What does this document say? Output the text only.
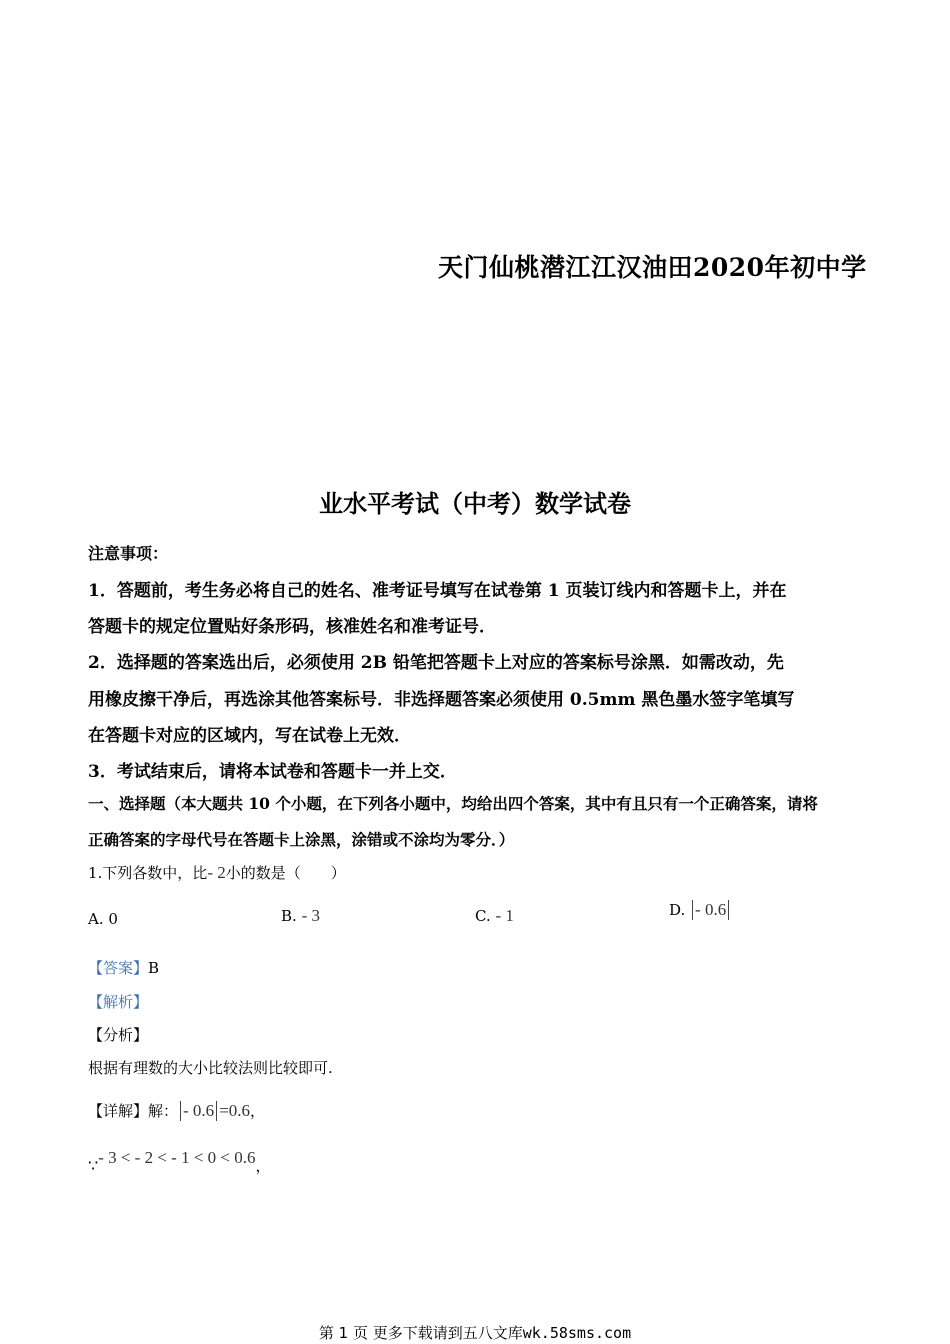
天门仙桃潜江江汉油田2020年初中学
业水平考试（中考）数学试卷
注意事项：
1．答题前，考生务必将自己的姓名、准考证号填写在试卷第 1 页装订线内和答题卡上，并在
答题卡的规定位置贴好条形码，核准姓名和准考证号．
2．选择题的答案选出后，必须使用 2B 铅笔把答题卡上对应的答案标号涂黑．如需改动，先
用橡皮擦干净后，再选涂其他答案标号．非选择题答案必须使用 0.5mm 黑色墨水签字笔填写
在答题卡对应的区域内，写在试卷上无效．
3．考试结束后，请将本试卷和答题卡一并上交．
一、选择题（本大题共 10 个小题，在下列各小题中，均给出四个答案，其中有且只有一个正确答案，请将
正确答案的字母代号在答题卡上涂黑，涂错或不涂均为零分．）
1.下列各数中，比- 2小的数是（　　）
A. 0	B. - 3	C. - 1	D. - 0.6
【答案】B
【解析】
【分析】
根据有理数的大小比较法则比较即可.
【详解】解： - 0.6 =0.6，
∵- 3 < - 2 < - 1 < 0 < 0.6，
第 1 页 更多下载请到五八文库wk.58sms.com
